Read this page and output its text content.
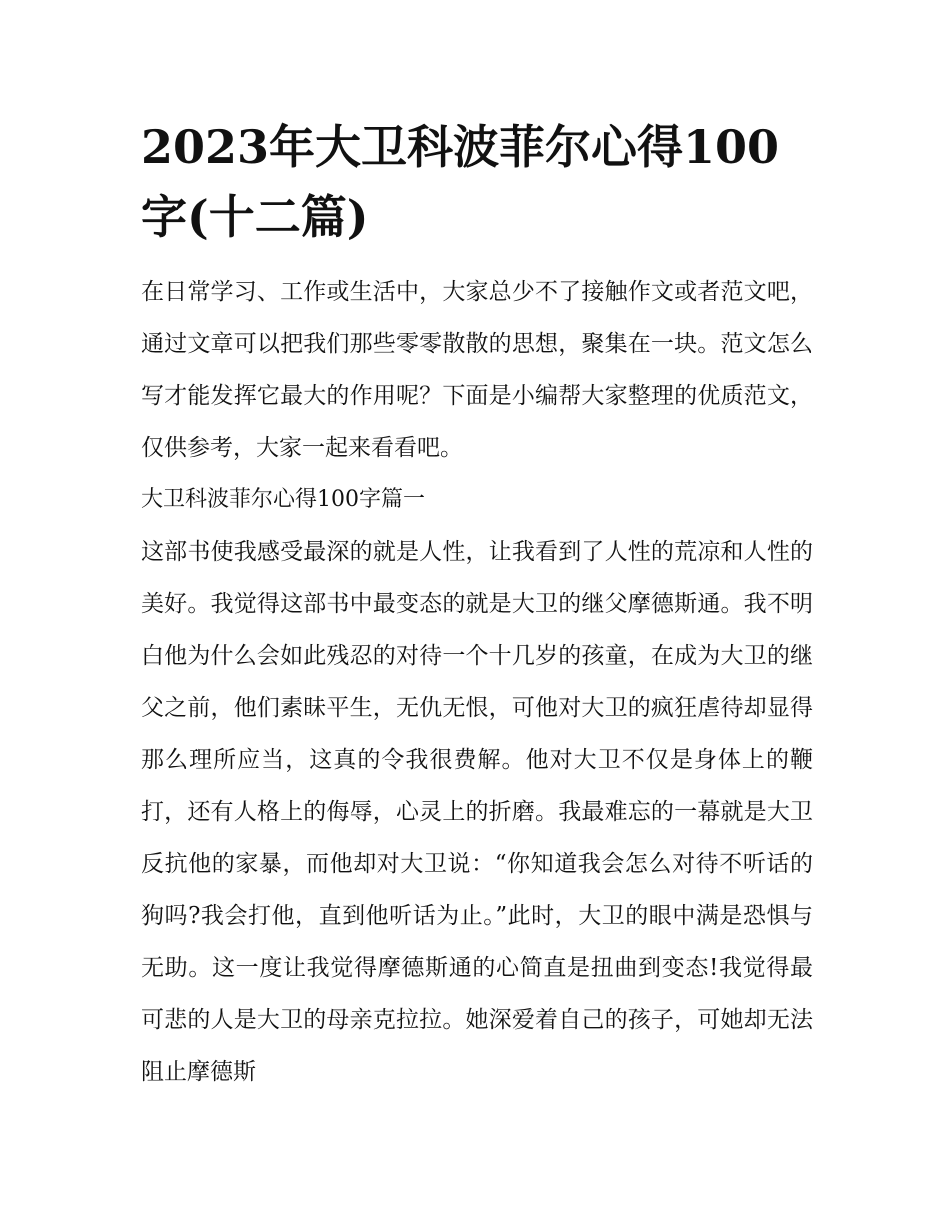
2023年大卫科波菲尔心得100字(十二篇)

在日常学习、工作或生活中，大家总少不了接触作文或者范文吧，通过文章可以把我们那些零零散散的思想，聚集在一块。范文怎么写才能发挥它最大的作用呢？下面是小编帮大家整理的优质范文，仅供参考，大家一起来看看吧。

大卫科波菲尔心得100字篇一

这部书使我感受最深的就是人性，让我看到了人性的荒凉和人性的美好。我觉得这部书中最变态的就是大卫的继父摩德斯通。我不明白他为什么会如此残忍的对待一个十几岁的孩童，在成为大卫的继父之前，他们素昧平生，无仇无恨，可他对大卫的疯狂虐待却显得那么理所应当，这真的令我很费解。他对大卫不仅是身体上的鞭打，还有人格上的侮辱，心灵上的折磨。我最难忘的一幕就是大卫反抗他的家暴，而他却对大卫说：“你知道我会怎么对待不听话的狗吗?我会打他，直到他听话为止。”此时，大卫的眼中满是恐惧与无助。这一度让我觉得摩德斯通的心简直是扭曲到变态!我觉得最可悲的人是大卫的母亲克拉拉。她深爱着自己的孩子，可她却无法阻止摩德斯
